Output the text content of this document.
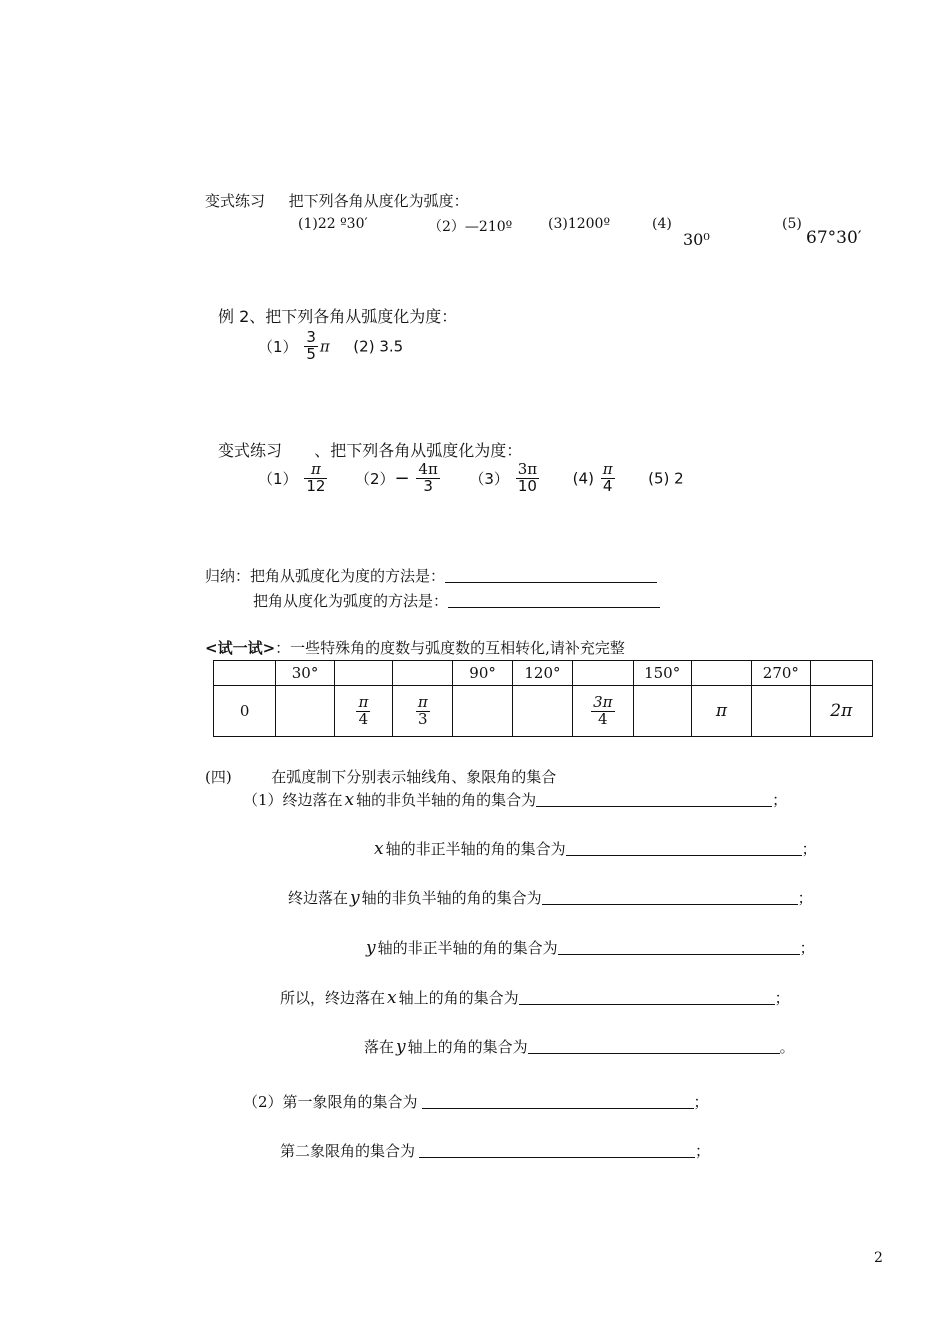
变式练习 把下列各角从度化为弧度：
(1)22 º30′	（2）—210º	(3)1200º	(4)
30⁰
(5)
67°30′
例 2、把下列各角从弧度化为度：
$(1) \frac{3}{5}$ π (2) 3.5
变式练习 、把下列各角从弧度化为度：
$(1) \frac{\pi}{12} (2)- \frac{4\pi}{3} (3) \frac{3\pi}{10} (4) \frac{\pi}{4} (5)$ 2
归纳：把角从弧度化为度的方法是：
把角从度化为弧度的方法是：
<试一试>：一些特殊角的度数与弧度数的互相转化,请补充完整
	30°			90°	120°		150°		270°	
0		$\frac{\pi}{4}$	$\frac{\pi}{3}$			$\frac{3\pi}{4}$		π		2π
(四)	在弧度制下分别表示轴线角、象限角的集合
（1）终边落在 x 轴的非负半轴的角的集合为	；
x 轴的非正半轴的角的集合为	；
终边落在 y 轴的非负半轴的角的集合为	；
y 轴的非正半轴的角的集合为	；
所以，终边落在 x 轴上的角的集合为	；
落在 y 轴上的角的集合为	。
（2）第一象限角的集合为	；
第二象限角的集合为	；
2
